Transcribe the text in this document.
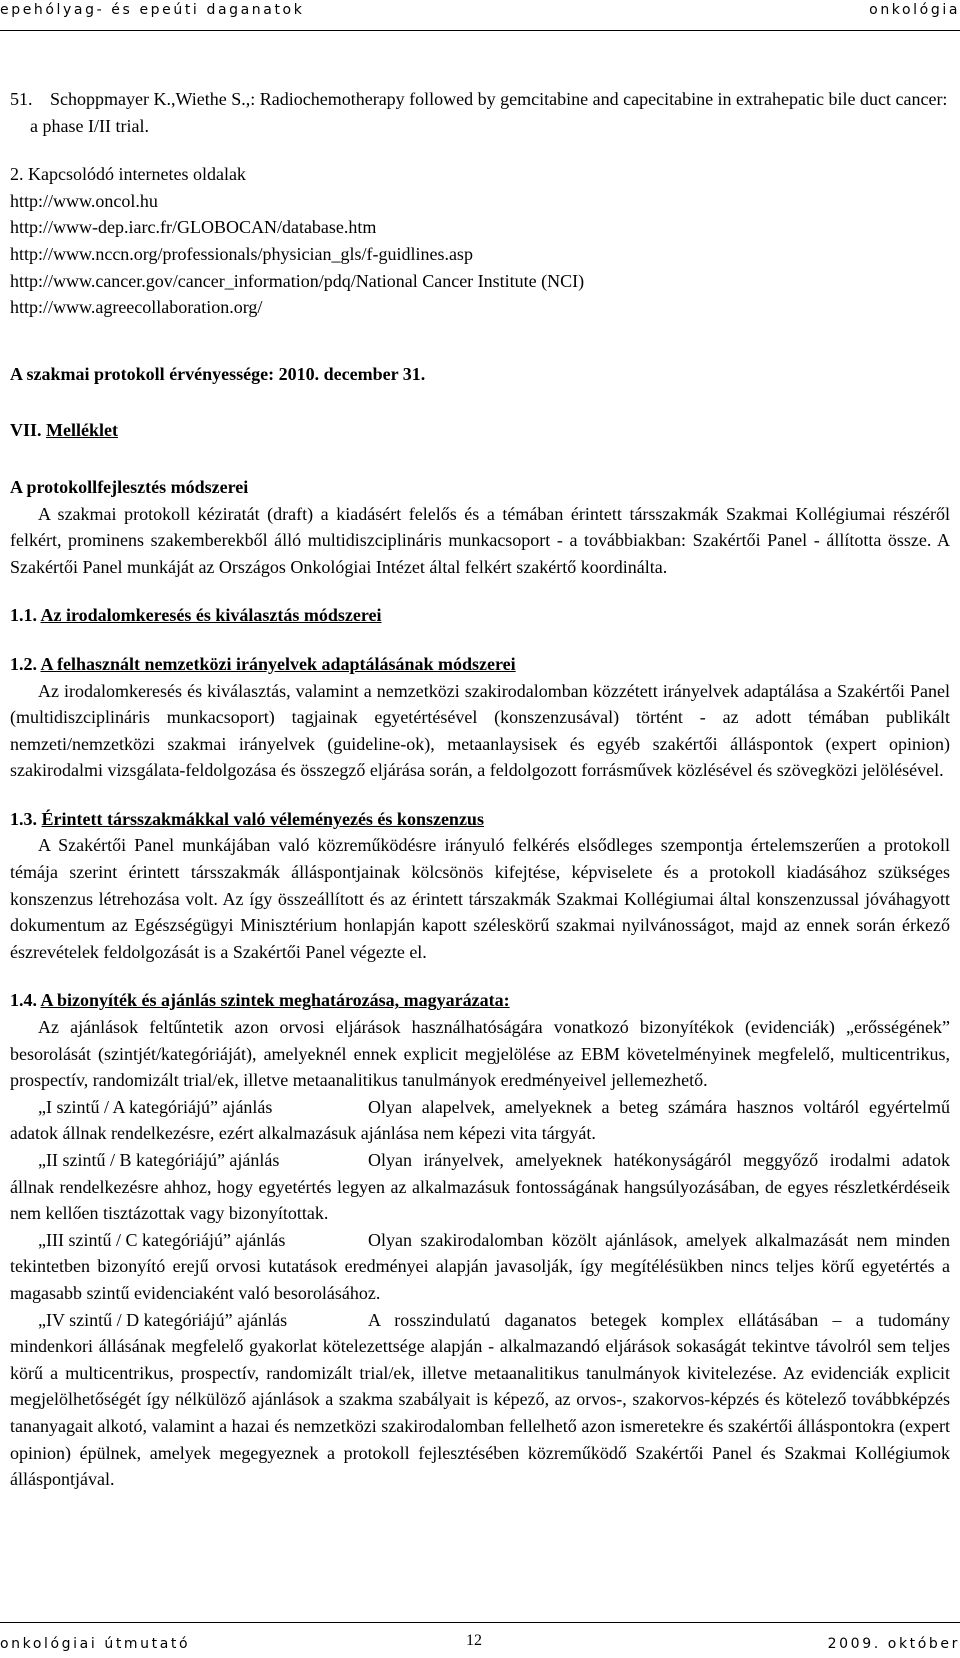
epehólyag- és epeúti daganatok	onkológia

51. Schoppmayer K.,Wiethe S.,: Radiochemotherapy followed by gemcitabine and capecitabine in extrahepatic bile duct cancer: a phase I/II trial.

2. Kapcsolódó internetes oldalak

http://www.oncol.hu

http://www-dep.iarc.fr/GLOBOCAN/database.htm

http://www.nccn.org/professionals/physician_gls/f-guidlines.asp

http://www.cancer.gov/cancer_information/pdq/National Cancer Institute (NCI)

http://www.agreecollaboration.org/

A szakmai protokoll érvényessége: 2010. december 31.

VII. Melléklet

A protokollfejlesztés módszerei

A szakmai protokoll kéziratát (draft) a kiadásért felelős és a témában érintett társszakmák Szakmai Kollégiumai részéről felkért, prominens szakemberekből álló multidiszciplináris munkacsoport - a továbbiakban: Szakértői Panel - állította össze. A Szakértői Panel munkáját az Országos Onkológiai Intézet által felkért szakértő koordinálta.

1.1. Az irodalomkeresés és kiválasztás módszerei

1.2. A felhasznált nemzetközi irányelvek adaptálásának módszerei

Az irodalomkeresés és kiválasztás, valamint a nemzetközi szakirodalomban közzétett irányelvek adaptálása a Szakértői Panel (multidiszciplináris munkacsoport) tagjainak egyetértésével (konszenzusával) történt - az adott témában publikált nemzeti/nemzetközi szakmai irányelvek (guideline-ok), metaanlaysisek és egyéb szakértői álláspontok (expert opinion) szakirodalmi vizsgálata-feldolgozása és összegző eljárása során, a feldolgozott forrásművek közlésével és szövegközi jelölésével.

1.3. Érintett társszakmákkal való véleményezés és konszenzus

A Szakértői Panel munkájában való közreműködésre irányuló felkérés elsődleges szempontja értelemszerűen a protokoll témája szerint érintett társszakmák álláspontjainak kölcsönös kifejtése, képviselete és a protokoll kiadásához szükséges konszenzus létrehozása volt. Az így összeállított és az érintett társzakmák Szakmai Kollégiumai által konszenzussal jóváhagyott dokumentum az Egészségügyi Minisztérium honlapján kapott széleskörű szakmai nyilvánosságot, majd az ennek során érkező észrevételek feldolgozását is a Szakértői Panel végezte el.

1.4. A bizonyíték és ajánlás szintek meghatározása, magyarázata:

Az ajánlások feltűntetik azon orvosi eljárások használhatóságára vonatkozó bizonyítékok (evidenciák) „erősségének” besorolását (szintjét/kategóriáját), amelyeknél ennek explicit megjelölése az EBM követelményinek megfelelő, multicentrikus, prospectív, randomizált trial/ek, illetve metaanalitikus tanulmányok eredményeivel jellemezhető.

„I szintű / A kategóriájú” ajánlás	Olyan alapelvek, amelyeknek a beteg számára hasznos voltáról egyértelmű adatok állnak rendelkezésre, ezért alkalmazásuk ajánlása nem képezi vita tárgyát.

„II szintű / B kategóriájú” ajánlás	Olyan irányelvek, amelyeknek hatékonyságáról meggyőző irodalmi adatok állnak rendelkezésre ahhoz, hogy egyetértés legyen az alkalmazásuk fontosságának hangsúlyozásában, de egyes részletkérdéseik nem kellően tisztázottak vagy bizonyítottak.

„III szintű / C kategóriájú” ajánlás	Olyan szakirodalomban közölt ajánlások, amelyek alkalmazását nem minden tekintetben bizonyító erejű orvosi kutatások eredményei alapján javasolják, így megítélésükben nincs teljes körű egyetértés a magasabb szintű evidenciaként való besorolásához.

„IV szintű / D kategóriájú” ajánlás	A rosszindulatú daganatos betegek komplex ellátásában – a tudomány mindenkori állásának megfelelő gyakorlat kötelezettsége alapján - alkalmazandó eljárások sokaságát tekintve távolról sem teljes körű a multicentrikus, prospectív, randomizált trial/ek, illetve metaanalitikus tanulmányok kivitelezése. Az evidenciák explicit megjelölhetőségét így nélkülöző ajánlások a szakma szabályait is képező, az orvos-, szakorvos-képzés és kötelező továbbképzés tananyagait alkotó, valamint a hazai és nemzetközi szakirodalomban fellelhető azon ismeretekre és szakértői álláspontokra (expert opinion) épülnek, amelyek megegyeznek a protokoll fejlesztésében közreműködő Szakértői Panel és Szakmai Kollégiumok álláspontjával.

onkológiai útmutató	12	2009. október
